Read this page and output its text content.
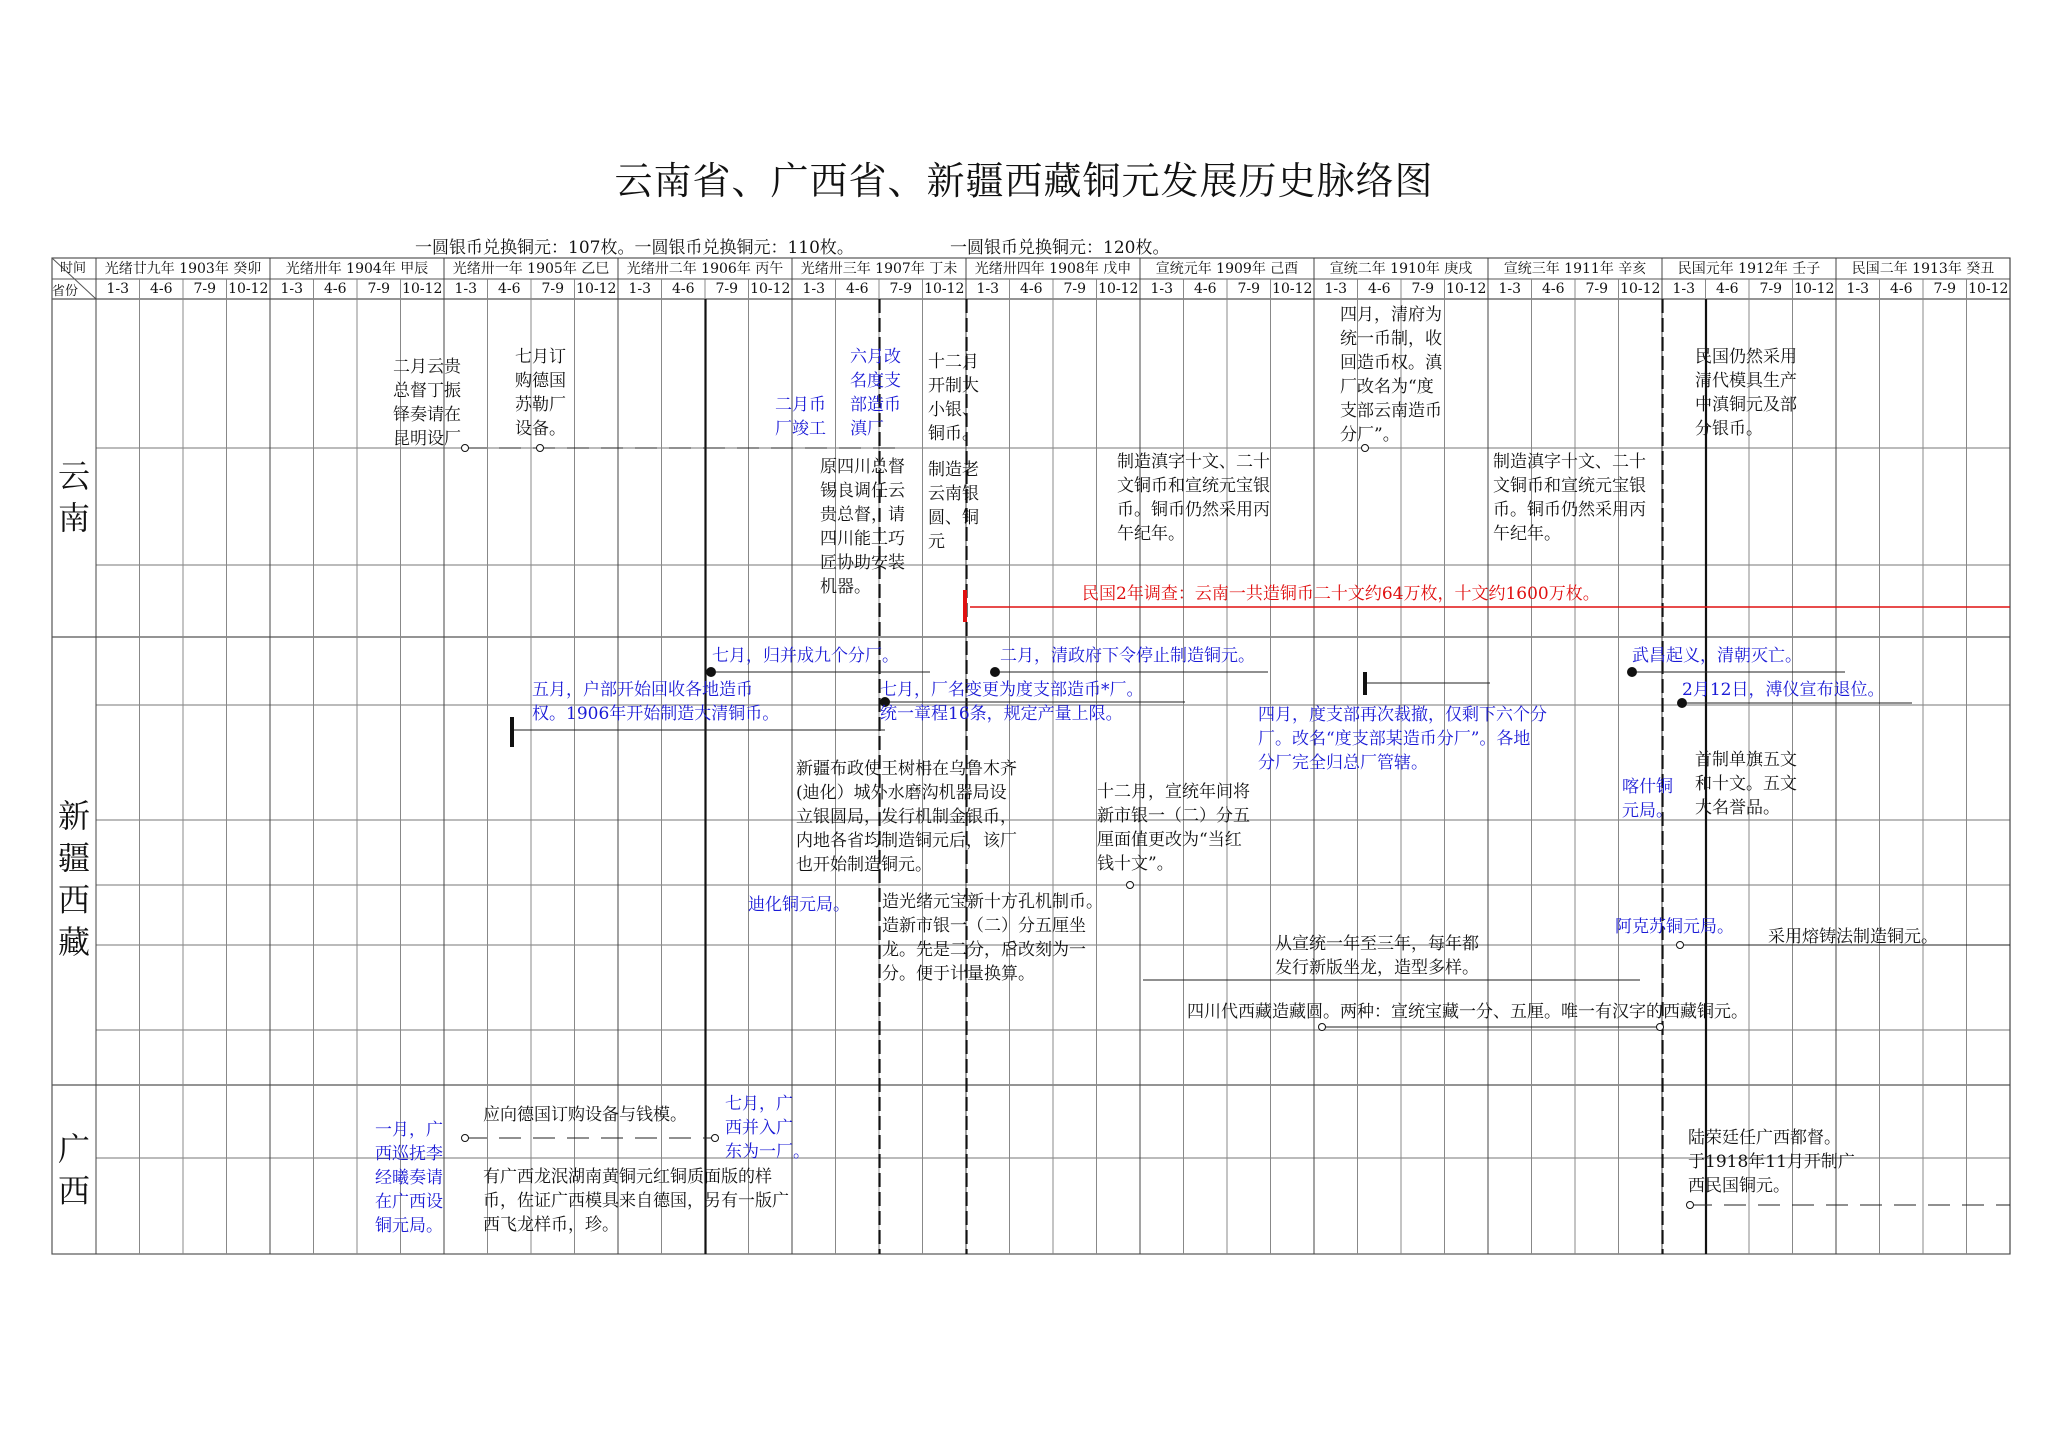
云南省、广西省、新疆西藏铜元发展历史脉络图
一圆银币兑换铜元：107枚。一圆银币兑换铜元：110枚。	一圆银币兑换铜元：120枚。
时间
省份
光绪廿九年 1903年 癸卯	光绪卅年 1904年 甲辰	光绪卅一年 1905年 乙巳	光绪卅二年 1906年 丙午	光绪卅三年 1907年 丁未	光绪卅四年 1908年 戊申	宣统元年 1909年 己酉	宣统二年 1910年 庚戌	宣统三年 1911年 辛亥	民国元年 1912年 壬子	民国二年 1913年 癸丑
1-3	4-6	7-9 10-12 1-3	4-6	7-9 10-12 1-3	4-6	7-9 10-12 1-3	4-6	7-9 10-12 1-3	4-6	7-9 10-12 1-3	4-6	7-9 10-12 1-3	4-6	7-9 10-12 1-3	4-6	7-9 10-12 1-3	4-6	7-9 10-12 1-3	4-6	7-9 10-12 1-3	4-6	7-9 10-12
云
南
新
疆
西
藏
广
西
二月云贵
总督丁振
铎奏请在
昆明设厂
七月订
购德国
苏勒厂
设备。
二月币
厂竣工
六月改
名度支
部造币
滇厂
十二月
开制大
小银、
铜币。
原四川总督
锡良调任云
贵总督，请
四川能工巧
匠协助安装
机器。
制造老
云南银
圆、铜
元
制造滇字十文、二十
文铜币和宣统元宝银
币。铜币仍然采用丙
午纪年。
四月，清府为
统一币制，收
回造币权。滇
厂改名为“度
支部云南造币
分厂”。
制造滇字十文、二十
文铜币和宣统元宝银
币。铜币仍然采用丙
午纪年。
民国仍然采用
清代模具生产
中滇铜元及部
分银币。
民国2年调查：云南一共造铜币二十文约64万枚，十文约1600万枚。
七月，归并成九个分厂。	二月，清政府下令停止制造铜元。	武昌起义，清朝灭亡。
五月，户部开始回收各地造币
权。1906年开始制造大清铜币。
七月，厂名变更为度支部造币*厂。
统一章程16条，规定产量上限。	四月，度支部再次裁撤，仅剩下六个分
厂。改名“度支部某造币分厂”。各地
分厂完全归总厂管辖。
2月12日，溥仪宣布退位。
新疆布政使王树枏在乌鲁木齐
(迪化）城外水磨沟机器局设
立银圆局，发行机制金银币，
内地各省均制造铜元后，该厂
也开始制造铜元。
十二月，宣统年间将
新市银一（二）分五
厘面值更改为“当红
钱十文”。
首制单旗五文
和十文。五文
大名誉品。
喀什铜
元局。
迪化铜元局。 造光绪元宝新十方孔机制币。
造新市银一（二）分五厘坐
龙。先是二分，后改刻为一
分。便于计量换算。
从宣统一年至三年，每年都
发行新版坐龙，造型多样。
阿克苏铜元局。 采用熔铸法制造铜元。
四川代西藏造藏圆。两种：宣统宝藏一分、五厘。唯一有汉字的西藏铜元。
一月，广
西巡抚李
经曦奏请
在广西设
铜元局。
应向德国订购设备与钱模。
七月，广
西并入广
东为一厂。
有广西龙泯湖南黄铜元红铜质面版的样
币，佐证广西模具来自德国，另有一版广
西飞龙样币，珍。
陆荣廷任广西都督。
于1918年11月开制广
西民国铜元。
